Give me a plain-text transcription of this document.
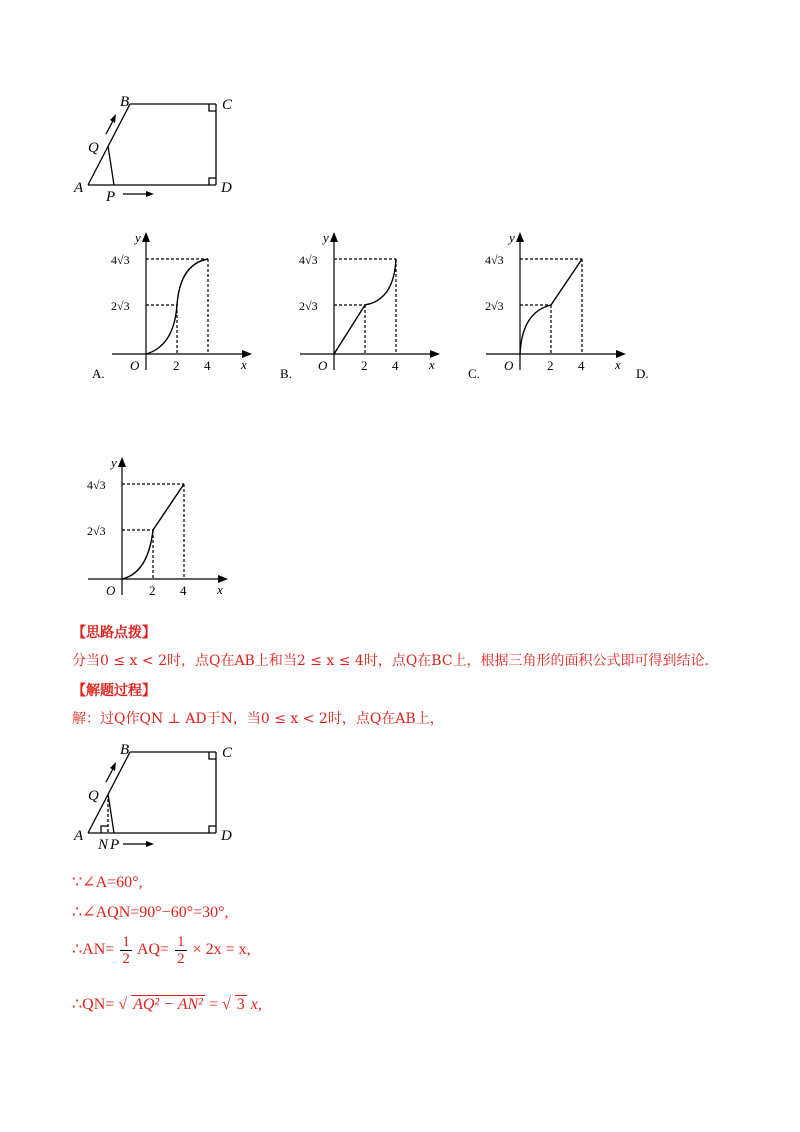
A
B	C
D
Q
P
y
x
O	2 4
4√3
2√3
A.
y
x
O	2 4
4√3
2√3
B.
y
x
O	2 4
4√3
2√3
C.	D.
y
x
O	2 4
4√3
2√3
【思路点拨】
分当0 ≤ x < 2时，点Q在AB上和当2 ≤ x ≤ 4时，点Q在BC上，根据三角形的面积公式即可得到结论.
【解题过程】
解：过Q作QN ⊥ AD于N，当0 ≤ x < 2时，点Q在AB上，
A
B	C
D
Q
N P
∵∠A=60°,
∴∠AQN=90°−60°=30°,
∴AN= $\frac{1}{2} AQ= \frac{1}{2} \times 2x = x$,
∴QN= √ AQ² − AN² = √ 3 x,
